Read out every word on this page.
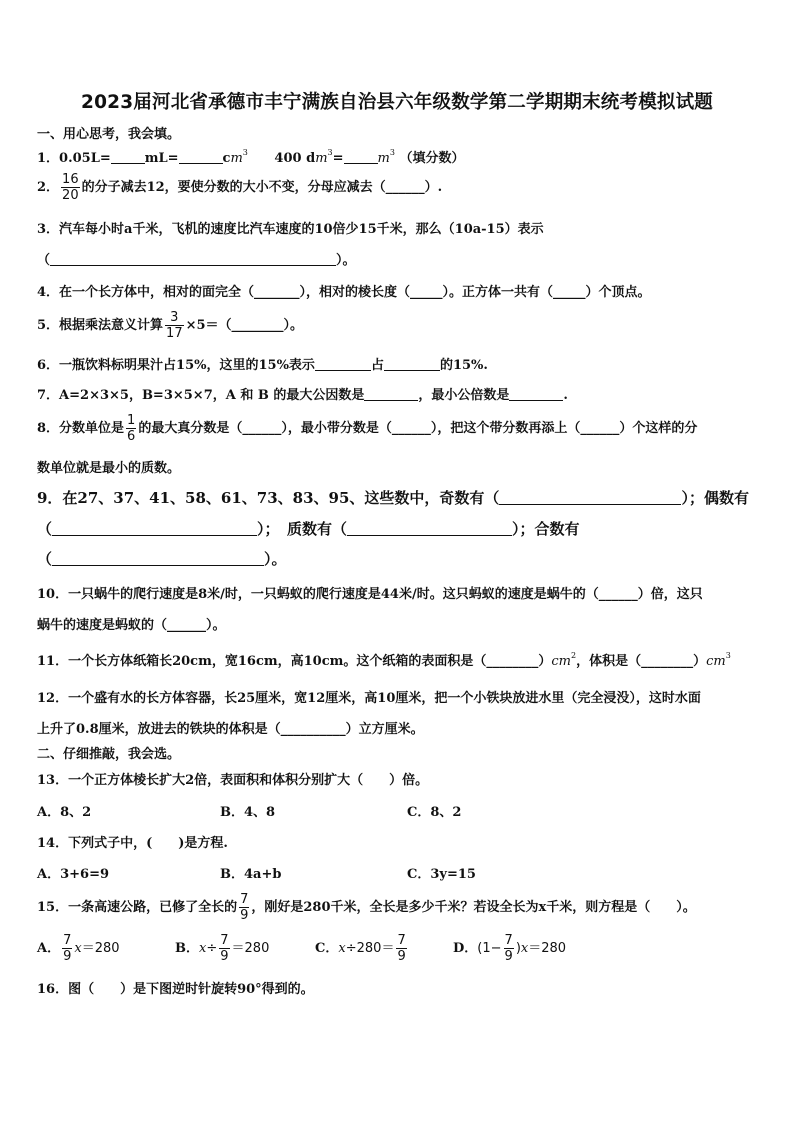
2023届河北省承德市丰宁满族自治县六年级数学第二学期期末统考模拟试题
一、用心思考，我会填。
1．0.05L=	mL=	$cm^3$ 400 $dm^3=$	$m^3$ （填分数）
2． $\frac{16}{20}$ 的分子减去12，要使分数的大小不变，分母应减去（______）.
3．汽车每小时a千米，飞机的速度比汽车速度的10倍少15千米，那么（10a-15）表示
（	）。
4．在一个长方体中，相对的面完全（_______），相对的棱长度（_____）。正方体一共有（_____）个顶点。
5．根据乘法意义计算 $\frac{3}{17}$ ×5＝（________）。
6．一瓶饮料标明果汁占15%，这里的15%表示	占	的15%.
7．A=2×3×5，B=3×5×7，A 和 B 的最大公因数是	，最小公倍数是	.
8．分数单位是 $\frac{1}{6}$ 的最大真分数是（______），最小带分数是（______），把这个带分数再添上（______）个这样的分
数单位就是最小的质数。
9．在27、37、41、58、61、73、83、95、这些数中，奇数有（	）；偶数有
（	）；　质数有（	）；合数有
（	）。
10．一只蜗牛的爬行速度是8米/时，一只蚂蚁的爬行速度是44米/时。这只蚂蚁的速度是蜗牛的（______）倍，这只
蜗牛的速度是蚂蚁的（______）。
11．一个长方体纸箱长20cm，宽16cm，高10cm。这个纸箱的表面积是$(\_\_\_\_\_\_\_\_)cm^2$，体积是$(\_\_\_\_\_\_\_\_)cm^3$
12．一个盛有水的长方体容器，长25厘米，宽12厘米，高10厘米，把一个小铁块放进水里（完全浸没），这时水面
上升了0.8厘米，放进去的铁块的体积是（__________）立方厘米。
二、仔细推敲，我会选。
13．一个正方体棱长扩大2倍，表面积和体积分别扩大（　　）倍。
A．8、2	B．4、8	C．8、2
14．下列式子中，(　　)是方程.
A．3+6=9	B．4a+b	C．3y=15
15．一条高速公路，已修了全长的 $\frac{7}{9}$ ，刚好是280千米，全长是多少千米？若设全长为x千米，则方程是（　　）。
A． $\frac{7}{9} x=280$	B．$x\div \frac{7}{9} =280$	C．$x\div 280= \frac{7}{9}$	D．$(1- \frac{7}{9} )x=280$
16．图（　　）是下图逆时针旋转90°得到的。
